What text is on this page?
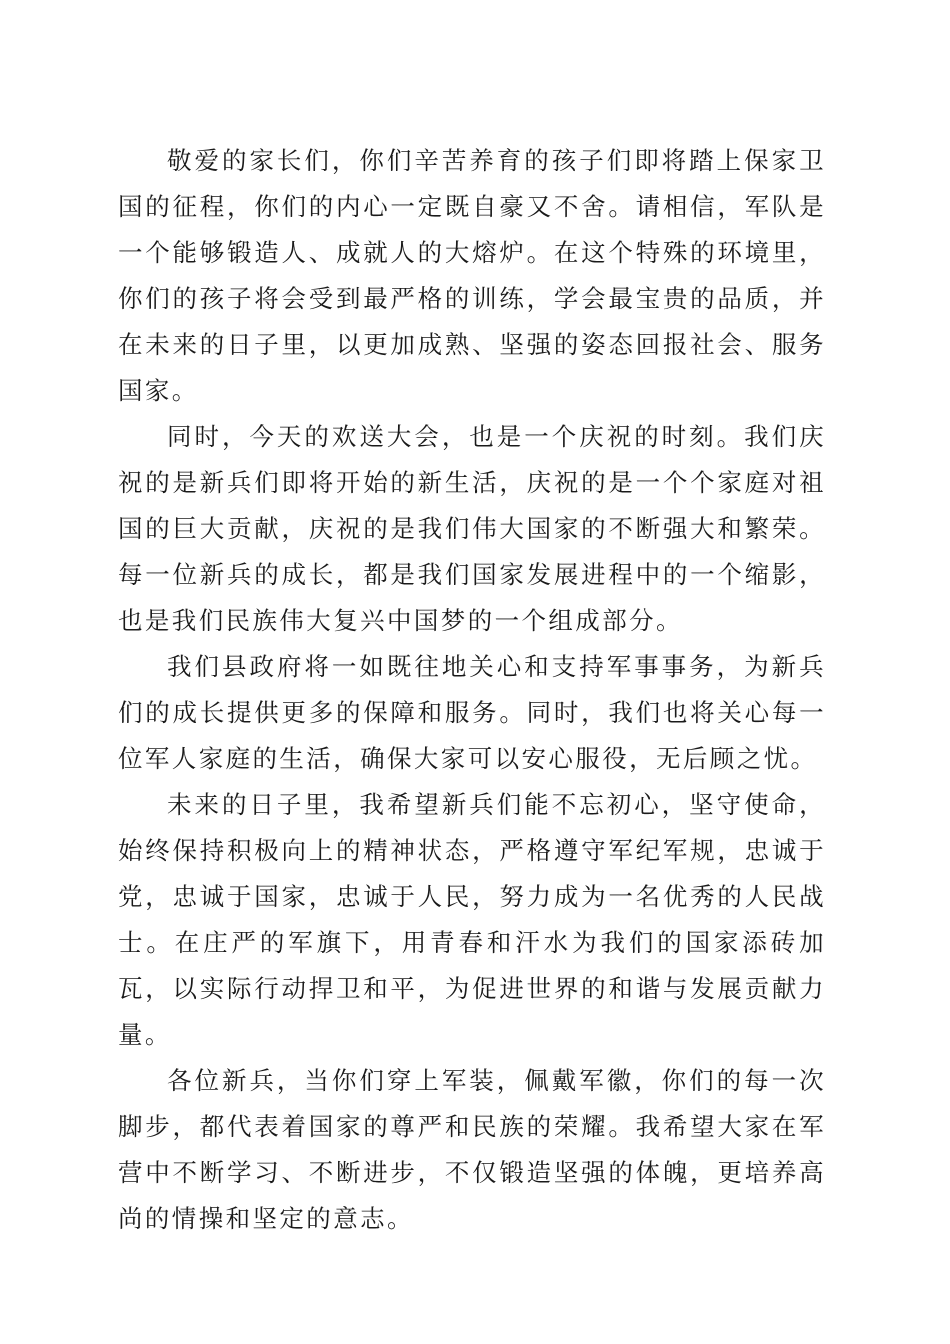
敬爱的家长们，你们辛苦养育的孩子们即将踏上保家卫国的征程，你们的内心一定既自豪又不舍。请相信，军队是一个能够锻造人、成就人的大熔炉。在这个特殊的环境里，你们的孩子将会受到最严格的训练，学会最宝贵的品质，并在未来的日子里，以更加成熟、坚强的姿态回报社会、服务国家。

同时，今天的欢送大会，也是一个庆祝的时刻。我们庆祝的是新兵们即将开始的新生活，庆祝的是一个个家庭对祖国的巨大贡献，庆祝的是我们伟大国家的不断强大和繁荣。每一位新兵的成长，都是我们国家发展进程中的一个缩影，也是我们民族伟大复兴中国梦的一个组成部分。

我们县政府将一如既往地关心和支持军事事务，为新兵们的成长提供更多的保障和服务。同时，我们也将关心每一位军人家庭的生活，确保大家可以安心服役，无后顾之忧。

未来的日子里，我希望新兵们能不忘初心，坚守使命，始终保持积极向上的精神状态，严格遵守军纪军规，忠诚于党，忠诚于国家，忠诚于人民，努力成为一名优秀的人民战士。在庄严的军旗下，用青春和汗水为我们的国家添砖加瓦，以实际行动捍卫和平，为促进世界的和谐与发展贡献力量。

各位新兵，当你们穿上军装，佩戴军徽，你们的每一次脚步，都代表着国家的尊严和民族的荣耀。我希望大家在军营中不断学习、不断进步，不仅锻造坚强的体魄，更培养高尚的情操和坚定的意志。
